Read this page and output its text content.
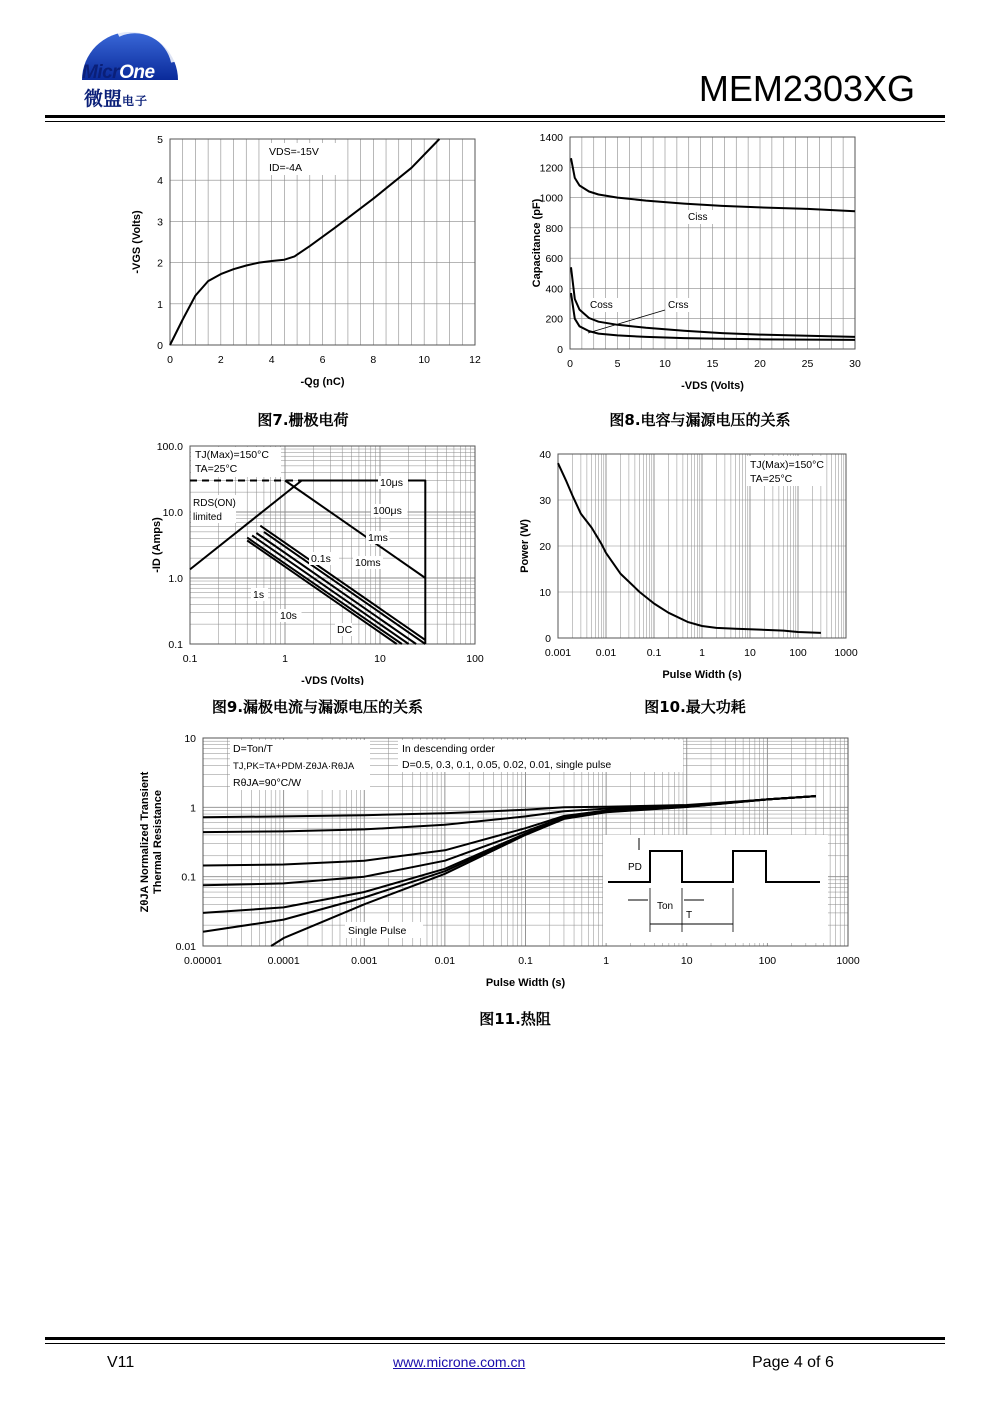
MicrOne
微盟电子	MEM2303XG
0	2	4	6	8	10	12
0
1
2
3
4
5
-Qg (nC)
-VGS (Volts)
VDS=-15V
ID=-4A
0	5	10	15	20	25	30
0
200
400
600
800
1000
1200
1400
-VDS (Volts)
Capacitance (pF)	Ciss
Coss	Crss
0.1	1	10	100
0.1
1.0
10.0
100.0
-VDS (Volts)
-ID (Amps)
TJ(Max)=150°C
TA=25°C
RDS(ON)
limited
10μs
100μs
1ms
10ms
0.1s
1s
10s
DC
0.001 0.01	0.1	1	10	100	1000
0
10
20
30
40
Pulse Width (s)
Power (W)
TJ(Max)=150°C
TA=25°C
0.00001	0.0001	0.001	0.01	0.1	1	10	100	1000
0.01
0.1
1
10
Pulse Width (s)
ZθJA Normalized Transient Thermal Resistance
D=Ton/T
TJ,PK=TA+PDM·ZθJA·RθJA
RθJA=90°C/W
In descending order
D=0.5, 0.3, 0.1, 0.05, 0.02, 0.01, single pulse
Single Pulse
PD
Ton
T
图7.栅极电荷	图8.电容与漏源电压的关系
图9.漏极电流与漏源电压的关系	图10.最大功耗
图11.热阻
V11	www.microne.com.cn	Page 4 of 6
